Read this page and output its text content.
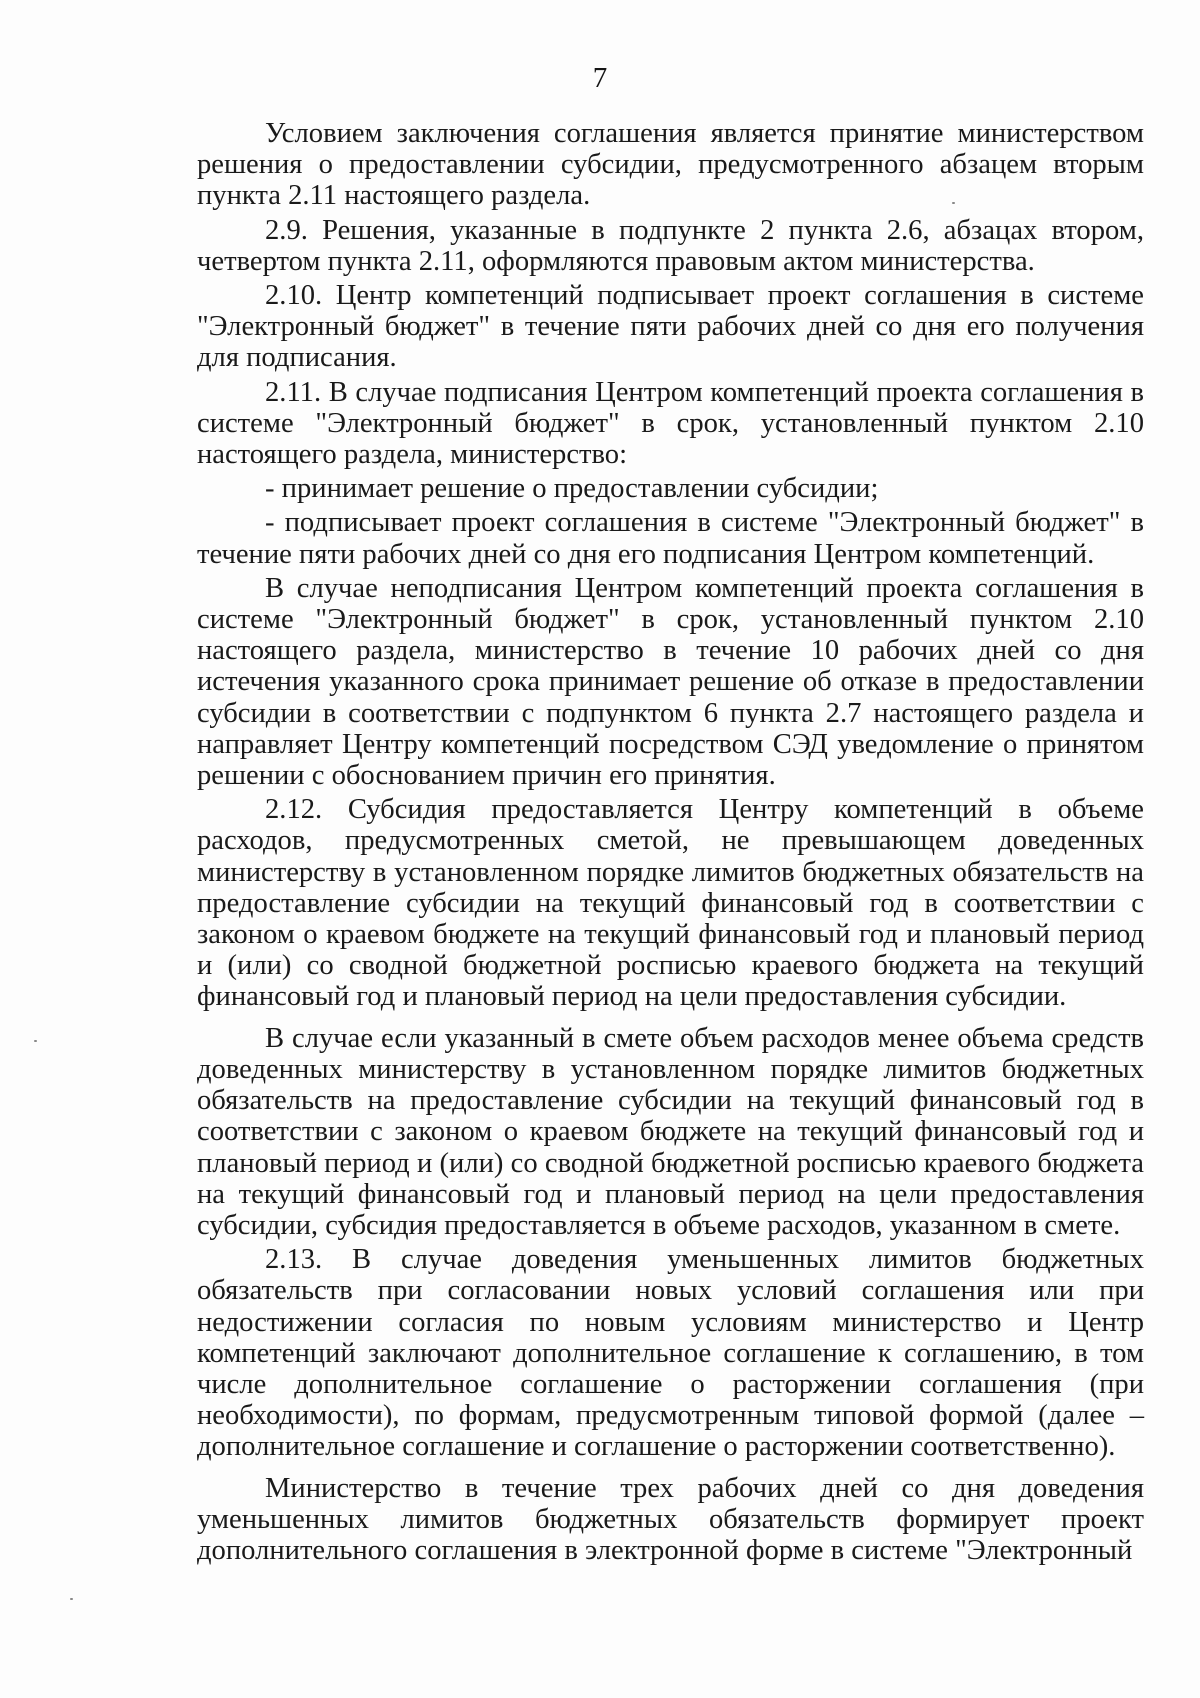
7

Условием заключения соглашения является принятие министерством решения о предоставлении субсидии, предусмотренного абзацем вторым пункта 2.11 настоящего раздела.

2.9. Решения, указанные в подпункте 2 пункта 2.6, абзацах втором, четвертом пункта 2.11, оформляются правовым актом министерства.

2.10. Центр компетенций подписывает проект соглашения в системе "Электронный бюджет" в течение пяти рабочих дней со дня его получения для подписания.

2.11. В случае подписания Центром компетенций проекта соглашения в системе "Электронный бюджет" в срок, установленный пунктом 2.10 настоящего раздела, министерство:

- принимает решение о предоставлении субсидии;

- подписывает проект соглашения в системе "Электронный бюджет" в течение пяти рабочих дней со дня его подписания Центром компетенций.

В случае неподписания Центром компетенций проекта соглашения в системе "Электронный бюджет" в срок, установленный пунктом 2.10 настоящего раздела, министерство в течение 10 рабочих дней со дня истечения указанного срока принимает решение об отказе в предоставлении субсидии в соответствии с подпунктом 6 пункта 2.7 настоящего раздела и направляет Центру компетенций посредством СЭД уведомление о принятом решении с обоснованием причин его принятия.

2.12. Субсидия предоставляется Центру компетенций в объеме расходов, предусмотренных сметой, не превышающем доведенных министерству в установленном порядке лимитов бюджетных обязательств на предоставление субсидии на текущий финансовый год в соответствии с законом о краевом бюджете на текущий финансовый год и плановый период и (или) со сводной бюджетной росписью краевого бюджета на текущий финансовый год и плановый период на цели предоставления субсидии.

В случае если указанный в смете объем расходов менее объема средств доведенных министерству в установленном порядке лимитов бюджетных обязательств на предоставление субсидии на текущий финансовый год в соответствии с законом о краевом бюджете на текущий финансовый год и плановый период и (или) со сводной бюджетной росписью краевого бюджета на текущий финансовый год и плановый период на цели предоставления субсидии, субсидия предоставляется в объеме расходов, указанном в смете.

2.13. В случае доведения уменьшенных лимитов бюджетных обязательств при согласовании новых условий соглашения или при недостижении согласия по новым условиям министерство и Центр компетенций заключают дополнительное соглашение к соглашению, в том числе дополнительное соглашение о расторжении соглашения (при необходимости), по формам, предусмотренным типовой формой (далее – дополнительное соглашение и соглашение о расторжении соответственно).

Министерство в течение трех рабочих дней со дня доведения уменьшенных лимитов бюджетных обязательств формирует проект дополнительного соглашения в электронной форме в системе "Электронный
